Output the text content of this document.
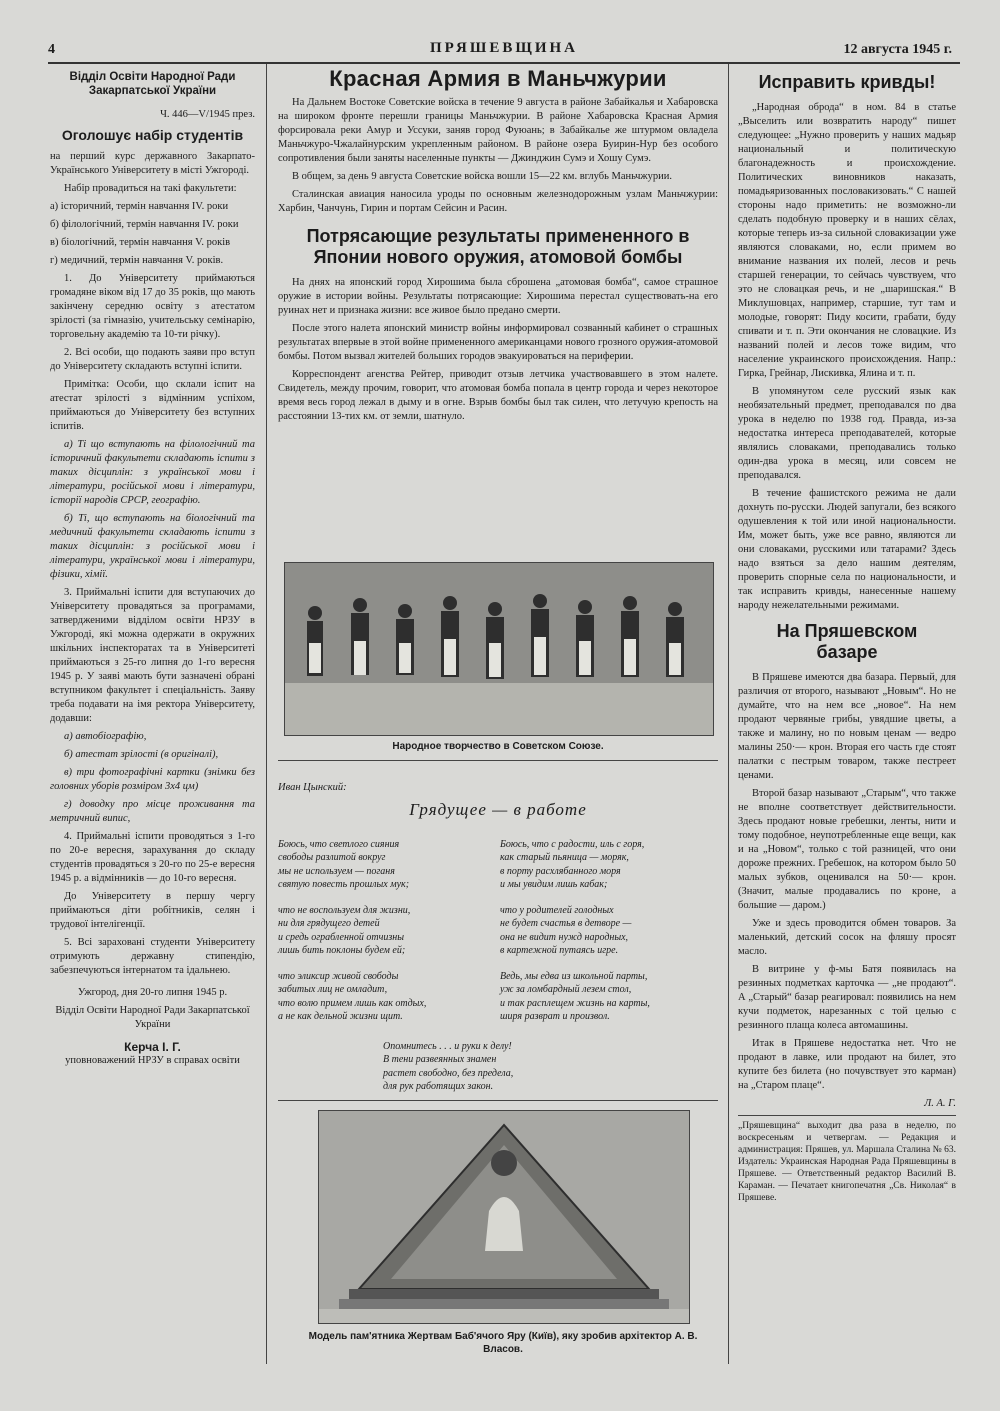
4	ПРЯШЕВЩИНА	12 августа 1945 г.
Відділ Освіти Народної Ради Закарпатської України
Ч. 446—V/1945 през.
Оголошує набір студентів

на перший курс державного Закарпато-Українського Університету в місті Ужгороді.

Набір провадиться на такі факультети:

а) історичний, термін навчання IV. роки

б) філологічний, термін навчання IV. роки

в) біологічний, термін навчання V. років

г) медичний, термін навчання V. років.

1. До Університету приймаються громадяне віком від 17 до 35 років, що мають закінчену середню освіту з атестатом зрілості (за гімназію, учительську семінарію, торговельну академію та 10-ти річку).

2. Всі особи, що подають заяви про вступ до Університету складають вступні іспити.

Примітка: Особи, що склали іспит на атестат зрілості з відмінним успіхом, приймаються до Університету без вступних іспитів.

а) Ті що вступають на філологічний та історичний факультети складають іспити з таких дісциплін: з української мови і літератури, російської мови і літератури, історії народів СРСР, географію.

б) Ті, що вступають на біологічний та медичний факультети складають іспити з таких дісциплін: з російської мови і літератури, української мови і літератури, фізики, хімії.

3. Приймальні іспити для вступаючих до Університету провадяться за програмами, затвердженими відділом освіти НРЗУ в Ужгороді, які можна одержати в окружних шкільних інспекторатах та в Університеті приймаються з 25-го липня до 1-го вересня 1945 р. У заяві мають бути зазначені обрані вступником факультет і спеціальність. Заяву треба подавати на імя ректора Університету, додавши:

а) автобіографію,

б) атестат зрілості (в оригіналі),

в) три фотографічні картки (знімки без головних уборів розміром 3х4 цм)

г) доводку про місце проживання та метричний випис,

4. Приймальні іспити проводяться з 1-го по 20-е вересня, зарахування до складу студентів провадяться з 20-го по 25-е вересня 1945 р. а відмінників — до 10-го вересня.

До Університету в першу чергу приймаються діти робітників, селян і трудової інтелігенції.

5. Всі зараховані студенти Університету отримують державну стипендію, забезпечуються інтернатом та ідальнею.

Ужгород, дня 20-го липня 1945 р.
Відділ Освіти Народної Ради Закарпатської України
Керча І. Г.
уповноважений НРЗУ в справах освіти
Красная Армия в Маньчжурии

На Дальнем Востоке Советские войска в течение 9 августа в районе Забайкалья и Хабаровска на широком фронте перешли границы Маньчжурии. В районе Хабаровска Красная Армия форсировала реки Амур и Уссуки, заняв город Фуюань; в Забайкалье же штурмом овладела Маньчжуро-Чжалайнурским укрепленным районом. В районе озера Буирин-Нур без особого сопротивления были заняты населенные пункты — Джинджин Сумэ и Хошу Сумэ.

В общем, за день 9 августа Советские войска вошли 15—22 км. вглубь Маньчжурии.

Сталинская авиация наносила уроды по основным железнодорожным узлам Маньчжурии: Харбин, Чанчунь, Гирин и портам Сейсин и Расин.

Потрясающие результаты примененного в Японии нового оружия, атомовой бомбы

На днях на японский город Хирошима была сброшена „атомовая бомба“, самое страшное оружие в истории войны. Результаты потрясающие: Хирошима перестал существовать-на его руинах нет и признака жизни: все живое было предано смерти.

После этого налета японский министр войны информировал созванный кабинет о страшных результатах впервые в этой войне примененного американцами нового грозного оружия-атомовой бомбы. Потом вызвал жителей больших городов эвакуироваться на периферии.

Корреспондент агенства Рейтер, приводит отзыв летчика участвовавшего в этом налете. Свидетель, между прочим, говорит, что атомовая бомба попала в центр города и через некоторое время весь город лежал в дыму и в огне. Взрыв бомбы был так силен, что летучую крепость на расстоянии 13-тих км. от земли, шатнуло.

Народное творчество в Советском Союзе.
Иван Цынский:
Грядущее — в работе
Боюсь, что светлого сияния
свободы разлитой вокруг
мы не используем — поганя
святую повесть прошлых мук;
Боюсь, что с радости, иль с горя,
как старый пьяница — моряк,
в порту расхлябанного моря
и мы увидим лишь кабак;
что не воспользуем для жизни,
ни для грядущего детей
и средь ограбленной отчизны
лишь бить поклоны будем ей;
что у родителей голодных
не будет счастья в детворе —
она не видит нужд народных,
в картежной путаясь игре.
что эликсир живой свободы
забитых лиц не омладит,
что волю примем лишь как отдых,
а не как дельной жизни щит.
Ведь, мы едва из школьной парты,
уж за ломбардный лезем стол,
и так расплещем жизнь на карты,
ширя разврат и произвол.
Опомнитесь . . . и руки к делу!
В тени развеянных знамен
растет свободно, без предела,
для рук работящих закон.
Модель пам'ятника Жертвам Баб'ячого Яру (Київ), яку зробив архітектор А. В. Власов.
Исправить кривды!

„Народная оброда“ в ном. 84 в статье „Выселить или возвратить народу“ пишет следующее: „Нужно проверить у наших мадьяр национальный и политическую благонадежность и происхождение. Политических виновников наказать, помадьяризованных пословакизовать.“ С нашей стороны надо приметить: не возможно-ли сделать подобную проверку и в наших сёлах, которые теперь из-за сильной словакизации уже являются словаками, но, если примем во внимание названия их полей, лесов и речь старшей генерации, то сейчась чувствуем, что это не словацкая речь, и не „шаришская.“ В Миклушовцах, например, старшие, тут там и молодые, говорят: Пиду косити, грабати, буду спивати и т. п. Эти окончания не словацкие. Из названий полей и лесов тоже видим, что население украинского происхождения. Напр.: Гирка, Грейнар, Лискивка, Ялина и т. п.

В упомянутом селе русский язык как необязательный предмет, преподавался по два урока в неделю по 1938 год. Правда, из-за недостатка интереса преподавателей, которые являлись словаками, преподавались только один-два урока в месяц, или совсем не преподавался.

В течение фашистского режима не дали дохнуть по-русски. Людей запугали, без всякого одушевления к той или иной национальности. Им, может быть, уже все равно, являются ли они словаками, русскими или татарами? Здесь надо взяться за дело нашим деятелям, проверить спорные села по национальности, и так исправить кривды, нанесенные нашему народу нежелательными режимами.

На Пряшевском базаре

В Пряшеве имеются два базара. Первый, для различия от второго, называют „Новым“. Но не думайте, что на нем все „новое“. На нем продают червяные грибы, увядшие цветы, а также и малину, но по новым ценам — ведро малины 250·— крон. Вторая его часть где стоят палатки с пестрым товаром, также пестреет ценами.

Второй базар называют „Старым“, что также не вполне соответствует действительности. Здесь продают новые гребешки, ленты, нити и тому подобное, неупотребленные еще вещи, как и на „Новом“, только с той разницей, что они дороже прежних. Гребешок, на котором было 50 малых зубков, оценивался на 50·— крон. (Значит, малые продавались по кроне, а большие — даром.)

Уже и здесь проводится обмен товаров. За маленький, детский сосок на фляшу просят масло.

В витрине у ф-мы Батя появилась на резинных подметках карточка — „не продают“. А „Старый“ базар реагировал: появились на нем кучи подметок, нарезанных с той целью с резинного плаща колеса автомашины.

Итак в Пряшеве недостатка нет. Что не продают в лавке, или продают на билет, это купите без билета (но почувствует это карман) на „Старом плаце“.

Л. А. Г.
„Пряшевщина“ выходит два раза в неделю, по воскресеньям и четвергам. — Редакция и администрация: Пряшев, ул. Маршала Сталина № 63. Издатель: Украинская Народная Рада Пряшевщины в Пряшеве. — Ответственный редактор Василий В. Караман. — Печатает книгопечатня „Св. Николая“ в Пряшеве.
